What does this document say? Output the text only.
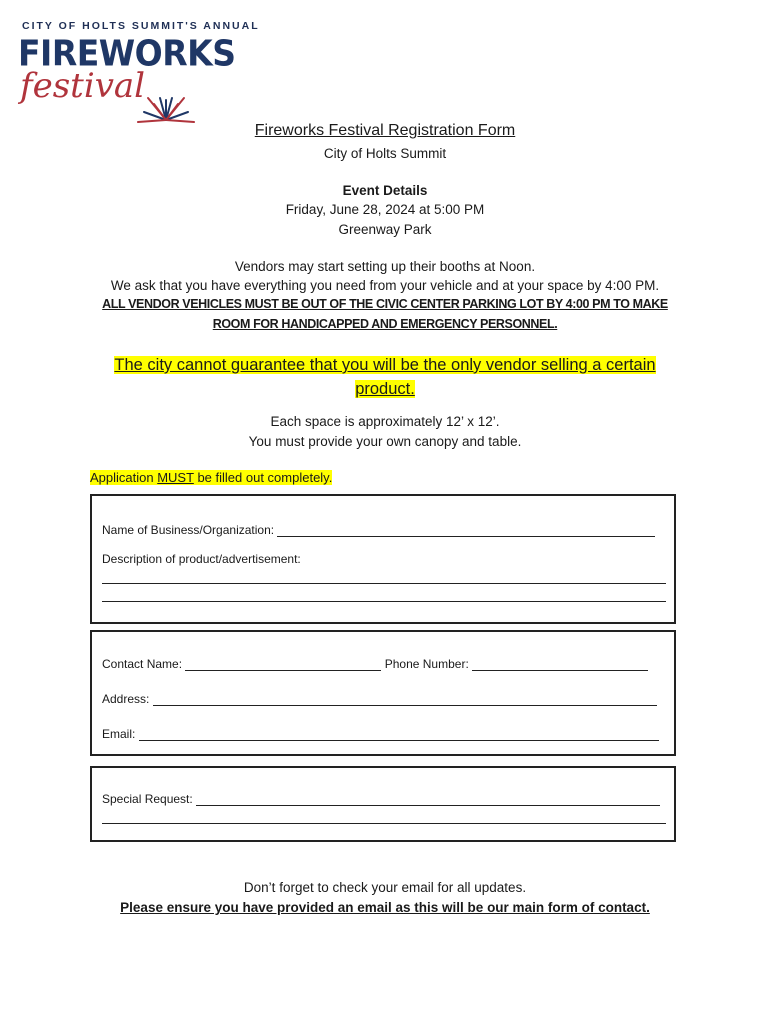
CITY OF HOLTS SUMMIT'S ANNUAL
FIREWORKS
festival
Fireworks Festival Registration Form
City of Holts Summit
Event Details
Friday, June 28, 2024 at 5:00 PM
Greenway Park
Vendors may start setting up their booths at Noon.
We ask that you have everything you need from your vehicle and at your space by 4:00 PM.
ALL VENDOR VEHICLES MUST BE OUT OF THE CIVIC CENTER PARKING LOT BY 4:00 PM TO MAKE
ROOM FOR HANDICAPPED AND EMERGENCY PERSONNEL.
The city cannot guarantee that you will be the only vendor selling a certain
product.
Each space is approximately 12’ x 12’.
You must provide your own canopy and table.
Application MUST be filled out completely.
Name of Business/Organization:
Description of product/advertisement:
Contact Name:	Phone Number:
Address:
Email:
Special Request:
Don’t forget to check your email for all updates.
Please ensure you have provided an email as this will be our main form of contact.
